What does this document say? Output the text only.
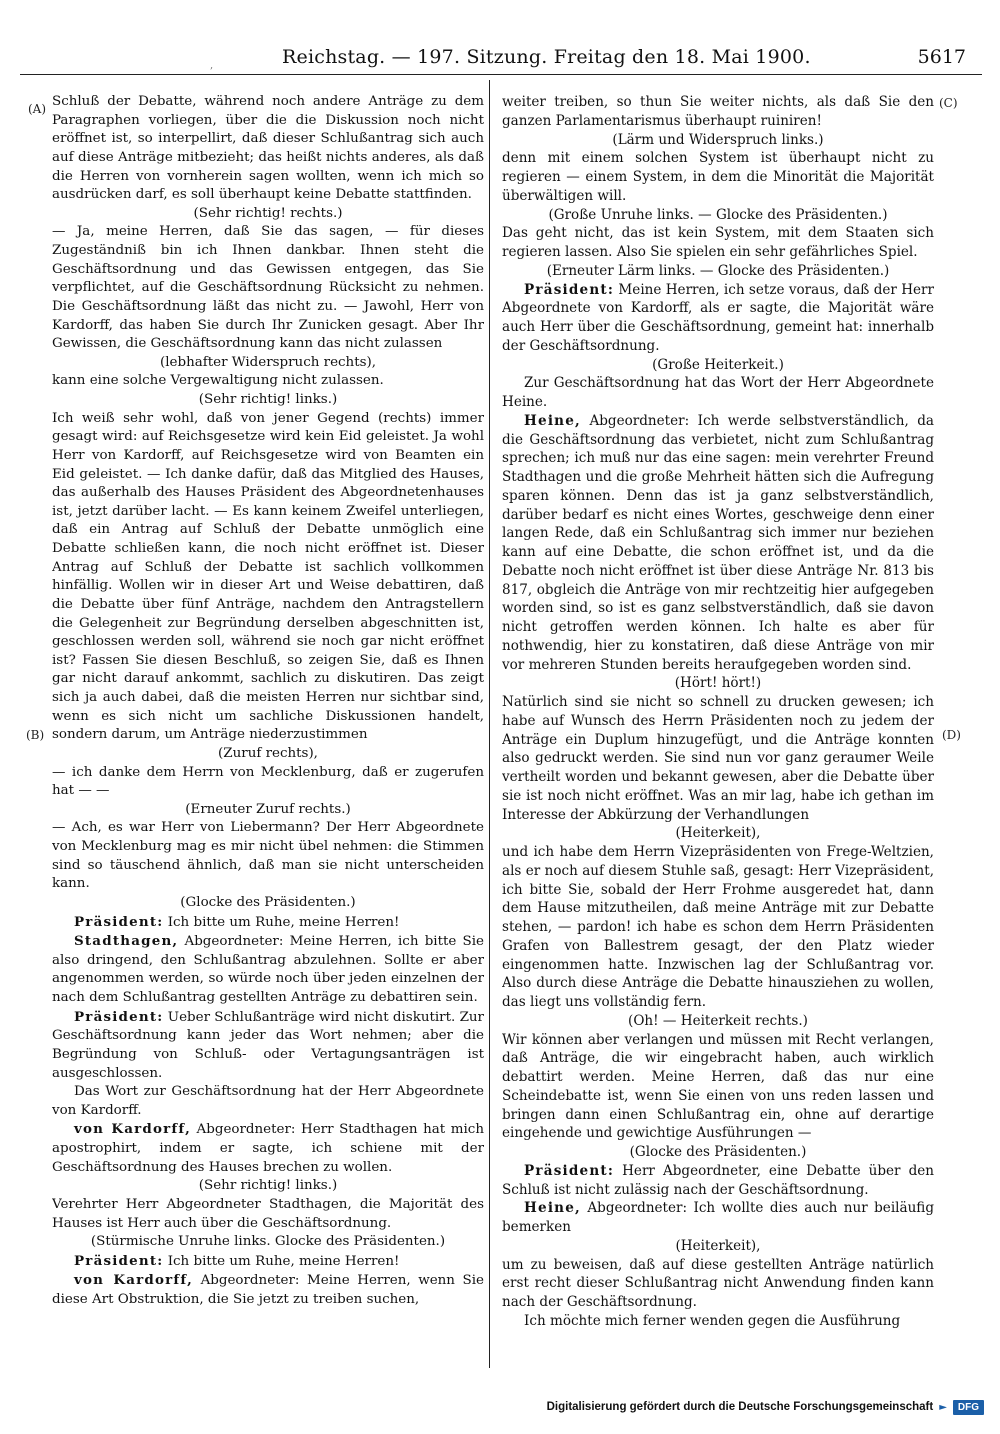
,	Reichstag. — 197. Sitzung. Freitag den 18. Mai 1900.	5617
(A)
(B)
(C)
(D)

Schluß der Debatte, während noch andere Anträge zu dem Paragraphen vorliegen, über die die Diskussion noch nicht eröffnet ist, so interpellirt, daß dieser Schlußantrag sich auch auf diese Anträge mitbezieht; das heißt nichts anderes, als daß die Herren von vornherein sagen wollten, wenn ich mich so ausdrücken darf, es soll überhaupt keine Debatte stattfinden.

(Sehr richtig! rechts.)

— Ja, meine Herren, daß Sie das sagen, — für dieses Zugeständniß bin ich Ihnen dankbar. Ihnen steht die Geschäftsordnung und das Gewissen entgegen, das Sie verpflichtet, auf die Geschäftsordnung Rücksicht zu nehmen. Die Geschäftsordnung läßt das nicht zu. — Jawohl, Herr von Kardorff, das haben Sie durch Ihr Zunicken gesagt. Aber Ihr Gewissen, die Geschäftsordnung kann das nicht zulassen

(lebhafter Widerspruch rechts),

kann eine solche Vergewaltigung nicht zulassen.

(Sehr richtig! links.)

Ich weiß sehr wohl, daß von jener Gegend (rechts) immer gesagt wird: auf Reichsgesetze wird kein Eid geleistet. Ja wohl Herr von Kardorff, auf Reichsgesetze wird von Beamten ein Eid geleistet. — Ich danke dafür, daß das Mitglied des Hauses, das außerhalb des Hauses Präsident des Abgeordnetenhauses ist, jetzt darüber lacht. — Es kann keinem Zweifel unterliegen, daß ein Antrag auf Schluß der Debatte unmöglich eine Debatte schließen kann, die noch nicht eröffnet ist. Dieser Antrag auf Schluß der Debatte ist sachlich vollkommen hinfällig. Wollen wir in dieser Art und Weise debattiren, daß die Debatte über fünf Anträge, nachdem den Antragstellern die Gelegenheit zur Begründung derselben abgeschnitten ist, geschlossen werden soll, während sie noch gar nicht eröffnet ist? Fassen Sie diesen Beschluß, so zeigen Sie, daß es Ihnen gar nicht darauf ankommt, sachlich zu diskutiren. Das zeigt sich ja auch dabei, daß die meisten Herren nur sichtbar sind, wenn es sich nicht um sachliche Diskussionen handelt, sondern darum, um Anträge niederzustimmen

(Zuruf rechts),

— ich danke dem Herrn von Mecklenburg, daß er zugerufen hat — —

(Erneuter Zuruf rechts.)

— Ach, es war Herr von Liebermann? Der Herr Abgeordnete von Mecklenburg mag es mir nicht übel nehmen: die Stimmen sind so täuschend ähnlich, daß man sie nicht unterscheiden kann.

(Glocke des Präsidenten.)

Präsident: Ich bitte um Ruhe, meine Herren!

Stadthagen, Abgeordneter: Meine Herren, ich bitte Sie also dringend, den Schlußantrag abzulehnen. Sollte er aber angenommen werden, so würde noch über jeden einzelnen der nach dem Schlußantrag gestellten Anträge zu debattiren sein.

Präsident: Ueber Schlußanträge wird nicht diskutirt. Zur Geschäftsordnung kann jeder das Wort nehmen; aber die Begründung von Schluß- oder Vertagungsanträgen ist ausgeschlossen.

Das Wort zur Geschäftsordnung hat der Herr Abgeordnete von Kardorff.

von Kardorff, Abgeordneter: Herr Stadthagen hat mich apostrophirt, indem er sagte, ich schiene mit der Geschäftsordnung des Hauses brechen zu wollen.

(Sehr richtig! links.)

Verehrter Herr Abgeordneter Stadthagen, die Majorität des Hauses ist Herr auch über die Geschäftsordnung.

(Stürmische Unruhe links. Glocke des Präsidenten.)

Präsident: Ich bitte um Ruhe, meine Herren!

von Kardorff, Abgeordneter: Meine Herren, wenn Sie diese Art Obstruktion, die Sie jetzt zu treiben suchen,

weiter treiben, so thun Sie weiter nichts, als daß Sie den ganzen Parlamentarismus überhaupt ruiniren!

(Lärm und Widerspruch links.)

denn mit einem solchen System ist überhaupt nicht zu regieren — einem System, in dem die Minorität die Majorität überwältigen will.

(Große Unruhe links. — Glocke des Präsidenten.)

Das geht nicht, das ist kein System, mit dem Staaten sich regieren lassen. Also Sie spielen ein sehr gefährliches Spiel.

(Erneuter Lärm links. — Glocke des Präsidenten.)

Präsident: Meine Herren, ich setze voraus, daß der Herr Abgeordnete von Kardorff, als er sagte, die Majorität wäre auch Herr über die Geschäftsordnung, gemeint hat: innerhalb der Geschäftsordnung.

(Große Heiterkeit.)

Zur Geschäftsordnung hat das Wort der Herr Abgeordnete Heine.

Heine, Abgeordneter: Ich werde selbstverständlich, da die Geschäftsordnung das verbietet, nicht zum Schlußantrag sprechen; ich muß nur das eine sagen: mein verehrter Freund Stadthagen und die große Mehrheit hätten sich die Aufregung sparen können. Denn das ist ja ganz selbstverständlich, darüber bedarf es nicht eines Wortes, geschweige denn einer langen Rede, daß ein Schlußantrag sich immer nur beziehen kann auf eine Debatte, die schon eröffnet ist, und da die Debatte noch nicht eröffnet ist über diese Anträge Nr. 813 bis 817, obgleich die Anträge von mir rechtzeitig hier aufgegeben worden sind, so ist es ganz selbstverständlich, daß sie davon nicht getroffen werden können. Ich halte es aber für nothwendig, hier zu konstatiren, daß diese Anträge von mir vor mehreren Stunden bereits heraufgegeben worden sind.

(Hört! hört!)

Natürlich sind sie nicht so schnell zu drucken gewesen; ich habe auf Wunsch des Herrn Präsidenten noch zu jedem der Anträge ein Duplum hinzugefügt, und die Anträge konnten also gedruckt werden. Sie sind nun vor ganz geraumer Weile vertheilt worden und bekannt gewesen, aber die Debatte über sie ist noch nicht eröffnet. Was an mir lag, habe ich gethan im Interesse der Abkürzung der Verhandlungen

(Heiterkeit),

und ich habe dem Herrn Vizepräsidenten von Frege-Weltzien, als er noch auf diesem Stuhle saß, gesagt: Herr Vizepräsident, ich bitte Sie, sobald der Herr Frohme ausgeredet hat, dann dem Hause mitzutheilen, daß meine Anträge mit zur Debatte stehen, — pardon! ich habe es schon dem Herrn Präsidenten Grafen von Ballestrem gesagt, der den Platz wieder eingenommen hatte. Inzwischen lag der Schlußantrag vor. Also durch diese Anträge die Debatte hinausziehen zu wollen, das liegt uns vollständig fern.

(Oh! — Heiterkeit rechts.)

Wir können aber verlangen und müssen mit Recht verlangen, daß Anträge, die wir eingebracht haben, auch wirklich debattirt werden. Meine Herren, daß das nur eine Scheindebatte ist, wenn Sie einen von uns reden lassen und bringen dann einen Schlußantrag ein, ohne auf derartige eingehende und gewichtige Ausführungen —

(Glocke des Präsidenten.)

Präsident: Herr Abgeordneter, eine Debatte über den Schluß ist nicht zulässig nach der Geschäftsordnung.

Heine, Abgeordneter: Ich wollte dies auch nur beiläufig bemerken

(Heiterkeit),

um zu beweisen, daß auf diese gestellten Anträge natürlich erst recht dieser Schlußantrag nicht Anwendung finden kann nach der Geschäftsordnung.

Ich möchte mich ferner wenden gegen die Ausführung

Digitalisierung gefördert durch die Deutsche Forschungsgemeinschaft ►	DFG
